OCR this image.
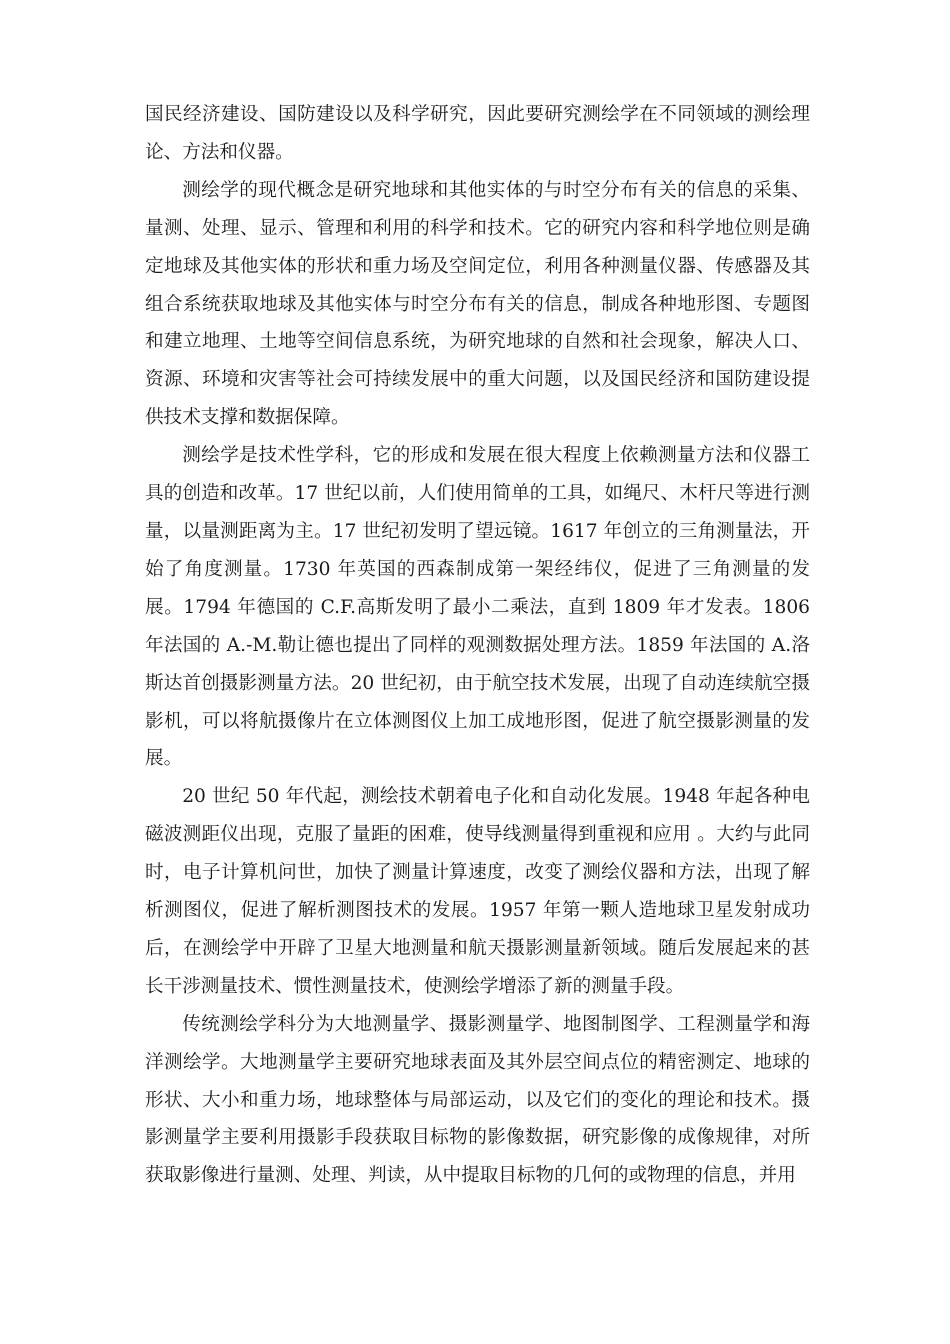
国民经济建设、国防建设以及科学研究，因此要研究测绘学在不同领域的测绘理论、方法和仪器。

测绘学的现代概念是研究地球和其他实体的与时空分布有关的信息的采集、量测、处理、显示、管理和利用的科学和技术。它的研究内容和科学地位则是确定地球及其他实体的形状和重力场及空间定位，利用各种测量仪器、传感器及其组合系统获取地球及其他实体与时空分布有关的信息，制成各种地形图、专题图和建立地理、土地等空间信息系统，为研究地球的自然和社会现象，解决人口、资源、环境和灾害等社会可持续发展中的重大问题，以及国民经济和国防建设提供技术支撑和数据保障。

测绘学是技术性学科，它的形成和发展在很大程度上依赖测量方法和仪器工具的创造和改革。17 世纪以前，人们使用简单的工具，如绳尺、木杆尺等进行测量，以量测距离为主。17 世纪初发明了望远镜。1617 年创立的三角测量法，开始了角度测量。1730 年英国的西森制成第一架经纬仪，促进了三角测量的发展。1794 年德国的 C.F.高斯发明了最小二乘法，直到 1809 年才发表。1806 年法国的 A.-M.勒让德也提出了同样的观测数据处理方法。1859 年法国的 A.洛斯达首创摄影测量方法。20 世纪初，由于航空技术发展，出现了自动连续航空摄影机，可以将航摄像片在立体测图仪上加工成地形图，促进了航空摄影测量的发展。

20 世纪 50 年代起，测绘技术朝着电子化和自动化发展。1948 年起各种电磁波测距仪出现，克服了量距的困难，使导线测量得到重视和应用 。大约与此同时，电子计算机问世，加快了测量计算速度，改变了测绘仪器和方法，出现了解析测图仪，促进了解析测图技术的发展。1957 年第一颗人造地球卫星发射成功后，在测绘学中开辟了卫星大地测量和航天摄影测量新领域。随后发展起来的甚长干涉测量技术、惯性测量技术，使测绘学增添了新的测量手段。

传统测绘学科分为大地测量学、摄影测量学、地图制图学、工程测量学和海洋测绘学。大地测量学主要研究地球表面及其外层空间点位的精密测定、地球的形状、大小和重力场，地球整体与局部运动，以及它们的变化的理论和技术。摄影测量学主要利用摄影手段获取目标物的影像数据，研究影像的成像规律，对所获取影像进行量测、处理、判读，从中提取目标物的几何的或物理的信息，并用
